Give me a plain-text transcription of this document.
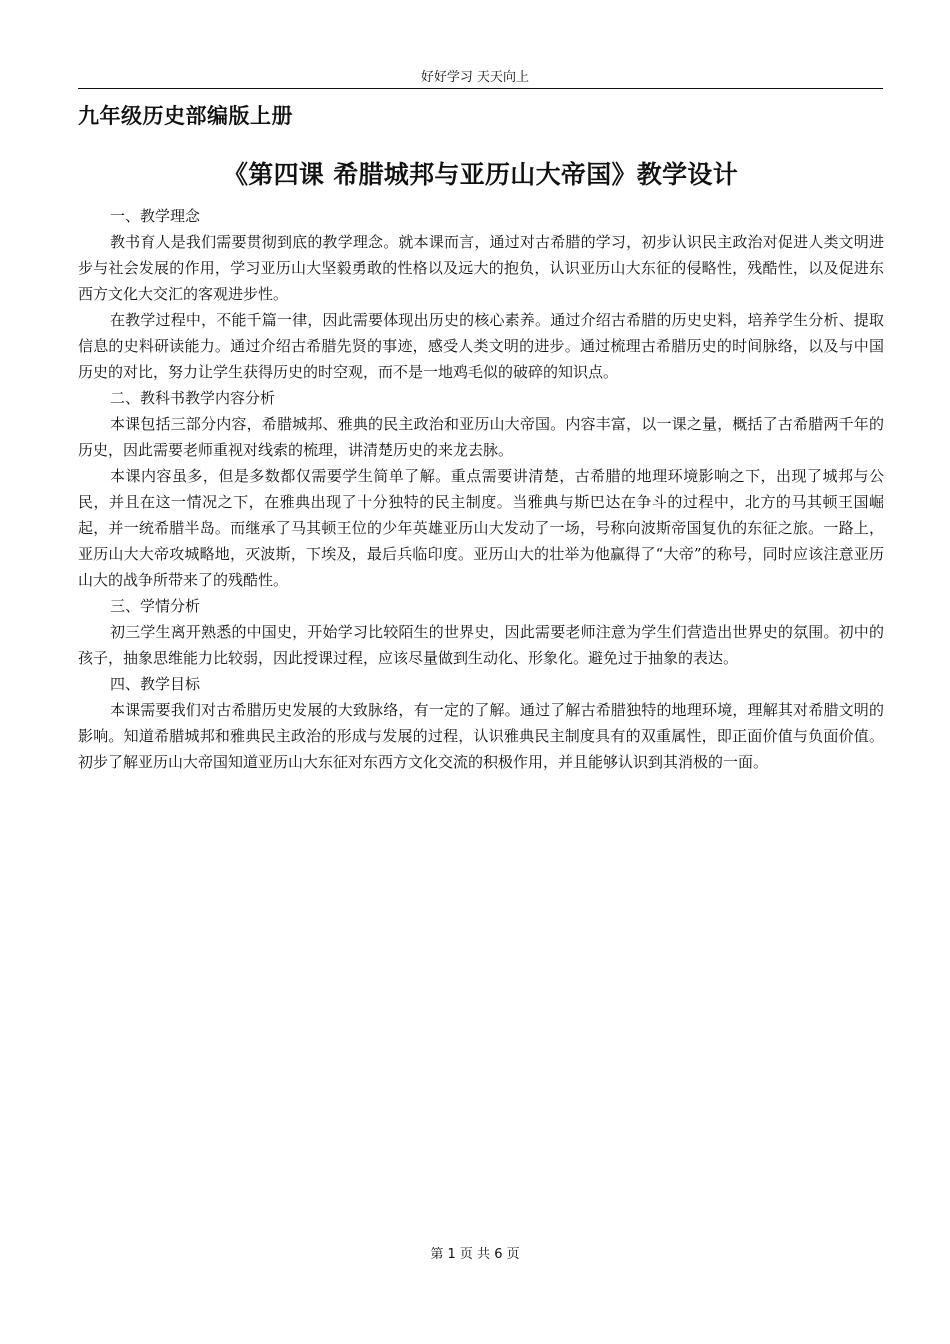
好好学习 天天向上
九年级历史部编版上册
《第四课 希腊城邦与亚历山大帝国》教学设计

一、教学理念

教书育人是我们需要贯彻到底的教学理念。就本课而言，通过对古希腊的学习，初步认识民主政治对促进人类文明进步与社会发展的作用，学习亚历山大坚毅勇敢的性格以及远大的抱负，认识亚历山大东征的侵略性，残酷性，以及促进东西方文化大交汇的客观进步性。

在教学过程中，不能千篇一律，因此需要体现出历史的核心素养。通过介绍古希腊的历史史料，培养学生分析、提取信息的史料研读能力。通过介绍古希腊先贤的事迹，感受人类文明的进步。通过梳理古希腊历史的时间脉络，以及与中国历史的对比，努力让学生获得历史的时空观，而不是一地鸡毛似的破碎的知识点。

二、教科书教学内容分析

本课包括三部分内容，希腊城邦、雅典的民主政治和亚历山大帝国。内容丰富，以一课之量，概括了古希腊两千年的历史，因此需要老师重视对线索的梳理，讲清楚历史的来龙去脉。

本课内容虽多，但是多数都仅需要学生简单了解。重点需要讲清楚，古希腊的地理环境影响之下，出现了城邦与公民，并且在这一情况之下，在雅典出现了十分独特的民主制度。当雅典与斯巴达在争斗的过程中，北方的马其顿王国崛起，并一统希腊半岛。而继承了马其顿王位的少年英雄亚历山大发动了一场，号称向波斯帝国复仇的东征之旅。一路上，亚历山大大帝攻城略地，灭波斯，下埃及，最后兵临印度。亚历山大的壮举为他赢得了“大帝”的称号，同时应该注意亚历山大的战争所带来了的残酷性。

三、学情分析

初三学生离开熟悉的中国史，开始学习比较陌生的世界史，因此需要老师注意为学生们营造出世界史的氛围。初中的孩子，抽象思维能力比较弱，因此授课过程，应该尽量做到生动化、形象化。避免过于抽象的表达。

四、教学目标

本课需要我们对古希腊历史发展的大致脉络，有一定的了解。通过了解古希腊独特的地理环境，理解其对希腊文明的影响。知道希腊城邦和雅典民主政治的形成与发展的过程，认识雅典民主制度具有的双重属性，即正面价值与负面价值。初步了解亚历山大帝国知道亚历山大东征对东西方文化交流的积极作用，并且能够认识到其消极的一面。

第 1 页 共 6 页
